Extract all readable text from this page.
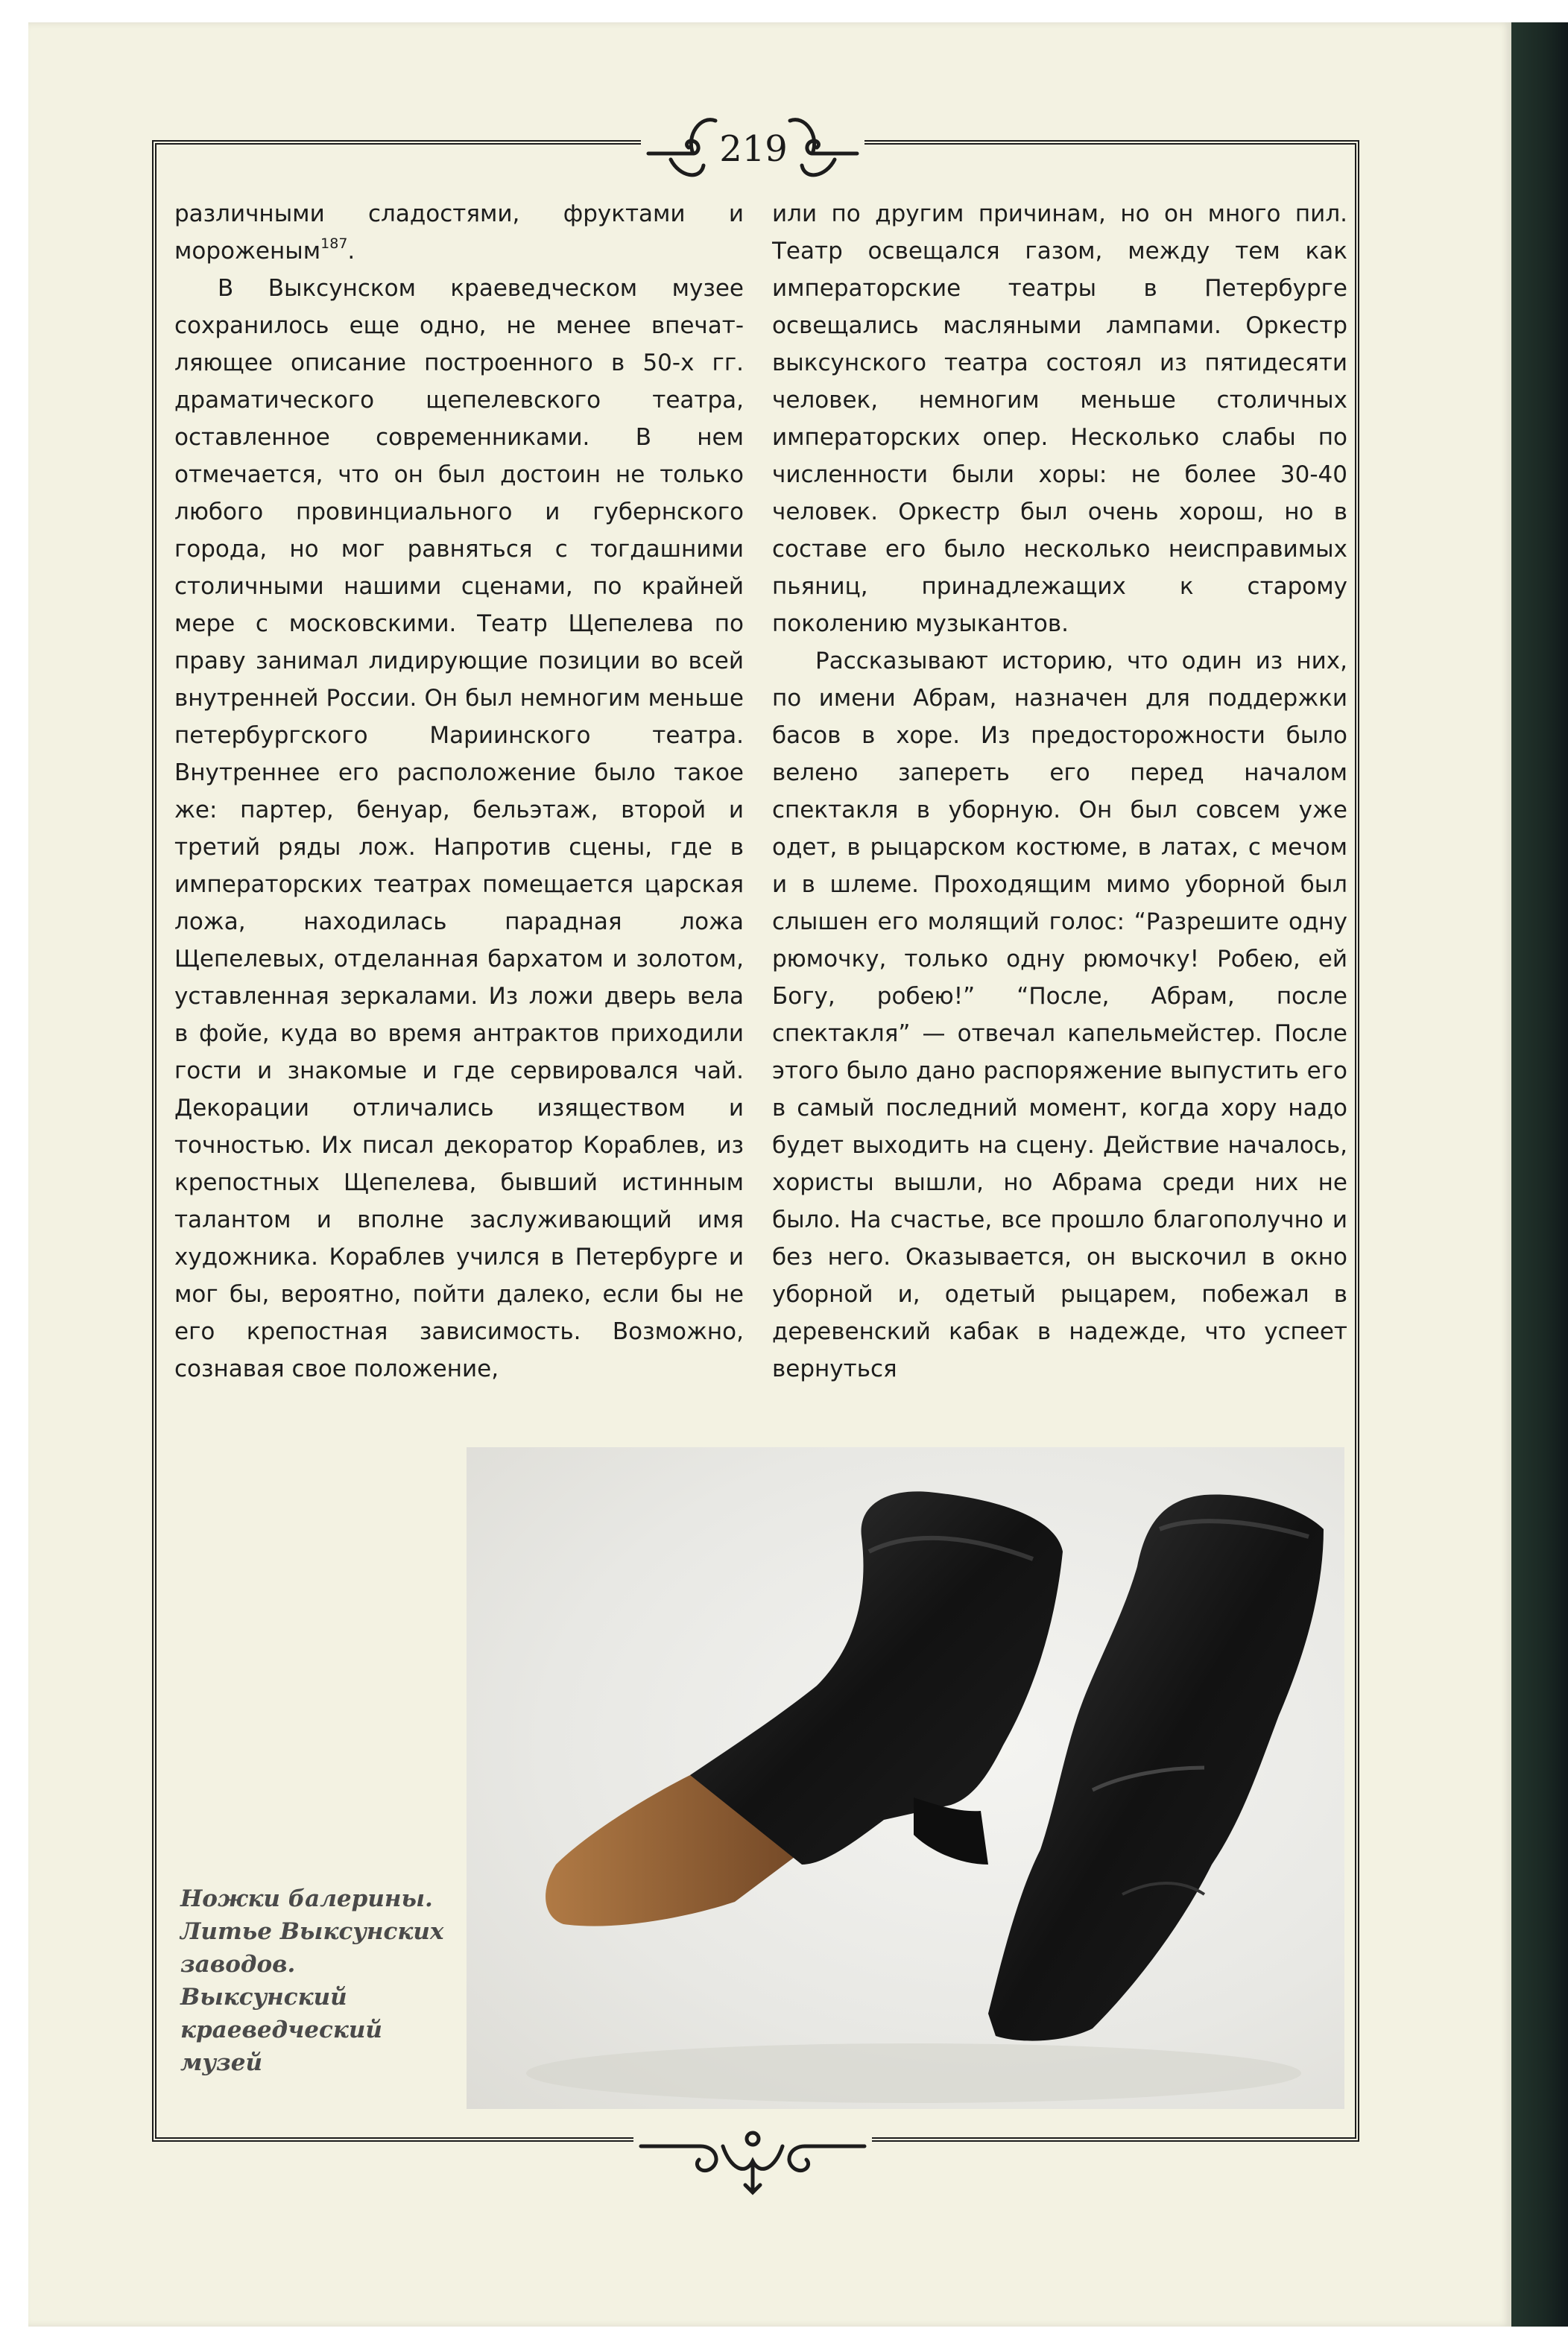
219

различными сладостями, фруктами и мороженым$^{187}$.

В Выксунском краеведческом музее сохранилось еще одно, не менее впечатляющее описание построенного в 50-х гг. драматического щепелевского театра, оставленное современниками. В нем отмечается, что он был достоин не только любого провинциального и губернского города, но мог равняться с тогдашними столичными нашими сценами, по крайней мере с московскими. Театр Щепелева по праву занимал лидирующие позиции во всей внутренней России. Он был немногим меньше петербургского Мариинского театра. Внутреннее его расположение было такое же: партер, бенуар, бельэтаж, второй и третий ряды лож. Напротив сцены, где в императорских театрах помещается царская ложа, находилась парадная ложа Щепелевых, отделанная бархатом и золотом, уставленная зеркалами. Из ложи дверь вела в фойе, куда во время антрактов приходили гости и знакомые и где сервировался чай. Декорации отличались изяществом и точностью. Их писал декоратор Кораблев, из крепостных Щепелева, бывший истинным талантом и вполне заслуживающий имя художника. Кораблев учился в Петербурге и мог бы, вероятно, пойти далеко, если бы не его крепостная зависимость. Возможно, сознавая свое положение,

или по другим причинам, но он много пил. Театр освещался газом, между тем как императорские театры в Петербурге освещались масляными лампами. Оркестр выксунского театра состоял из пятидесяти человек, немногим меньше столичных императорских опер. Несколько слабы по численности были хоры: не более 30-40 человек. Оркестр был очень хорош, но в составе его было несколько неисправимых пьяниц, принадлежащих к старому поколению музыкантов.

Рассказывают историю, что один из них, по имени Абрам, назначен для поддержки басов в хоре. Из предосторожности было велено запереть его перед началом спектакля в уборную. Он был совсем уже одет, в рыцарском костюме, в латах, с мечом и в шлеме. Проходящим мимо уборной был слышен его молящий голос: “Разрешите одну рюмочку, только одну рюмочку! Робею, ей Богу, робею!” “После, Абрам, после спектакля” — отвечал капельмейстер. После этого было дано распоряжение выпустить его в самый последний момент, когда хору надо будет выходить на сцену. Действие началось, хористы вышли, но Абрама среди них не было. На счастье, все прошло благополучно и без него. Оказывается, он выскочил в окно уборной и, одетый рыцарем, побежал в деревенский кабак в надежде, что успеет вернуться

Ножки балерины.
Литье Выксунских
заводов.
Выксунский
краеведческий
музей
